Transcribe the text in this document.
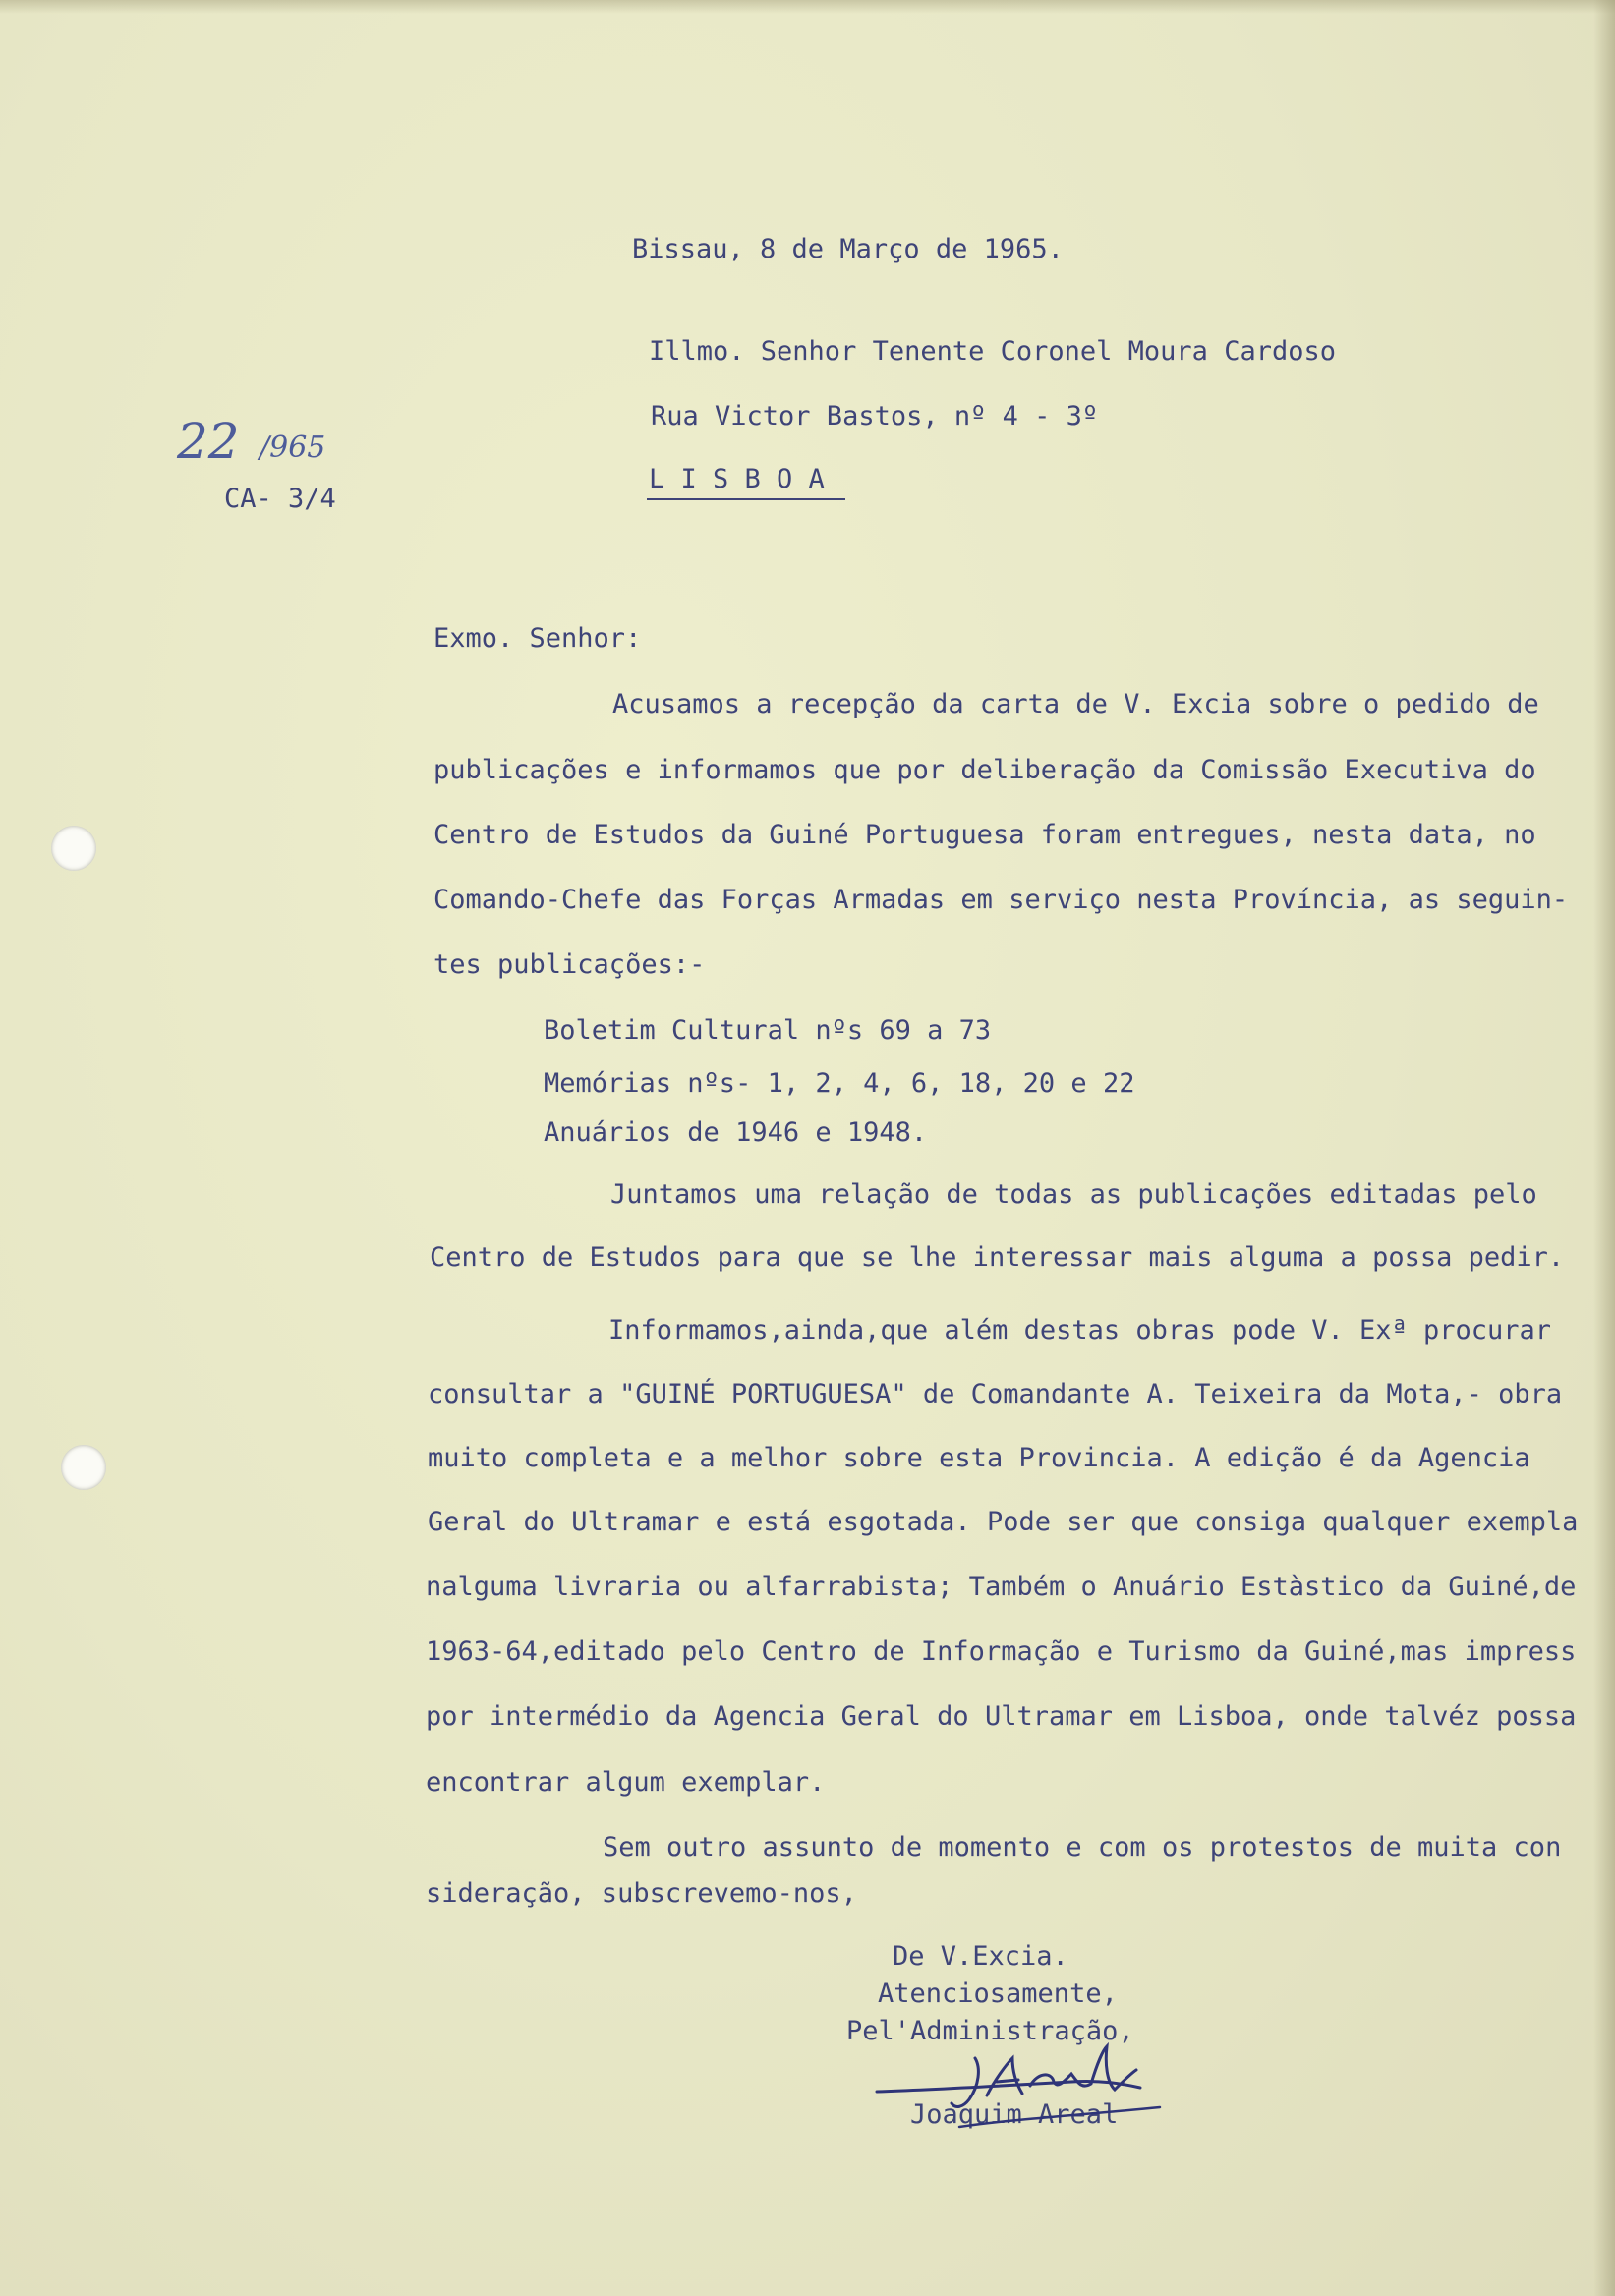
Bissau, 8 de Março de 1965.

Illmo. Senhor Tenente Coronel Moura Cardoso

Rua Victor Bastos, nº 4 - 3º

L I S B O A

22 /965

CA- 3/4

Exmo. Senhor:

Acusamos a recepção da carta de V. Excia sobre o pedido de

publicações e informamos que por deliberação da Comissão Executiva do

Centro de Estudos da Guiné Portuguesa foram entregues, nesta data, no

Comando-Chefe das Forças Armadas em serviço nesta Província, as seguin-

tes publicações:-

Boletim Cultural nºs 69 a 73

Memórias nºs- 1, 2, 4, 6, 18, 20 e 22

Anuários de 1946 e 1948.

Juntamos uma relação de todas as publicações editadas pelo

Centro de Estudos para que se lhe interessar mais alguma a possa pedir.

Informamos,ainda,que além destas obras pode V. Exª procurar

consultar a "GUINÉ PORTUGUESA" de Comandante A. Teixeira da Mota,- obra

muito completa e a melhor sobre esta Provincia. A edição é da Agencia

Geral do Ultramar e está esgotada. Pode ser que consiga qualquer exempla

nalguma livraria ou alfarrabista; Também o Anuário Estàstico da Guiné,de

1963-64,editado pelo Centro de Informação e Turismo da Guiné,mas impress

por intermédio da Agencia Geral do Ultramar em Lisboa, onde talvéz possa

encontrar algum exemplar.

Sem outro assunto de momento e com os protestos de muita con

sideração, subscrevemo-nos,

De V.Excia.

Atenciosamente,

Pel'Administração,

Joaquim Areal
